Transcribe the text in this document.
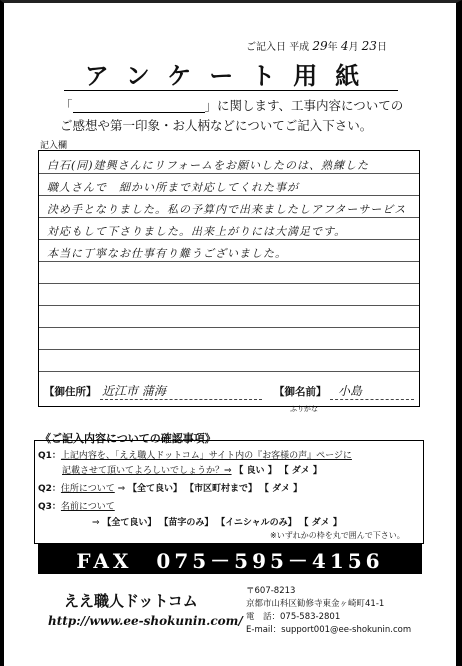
ご記入日 平成 29年 4月 23日
アンケート用紙
「	」に関します、工事内容についての
ご感想や第一印象・お人柄などについてご記入下さい。
記入欄
白石(同)建興さんにリフォームをお願いしたのは、熟練した
職人さんで　細かい所まで対応してくれた事が
決め手となりました。私の予算内で出来ましたしアフターサービス
対応もして下さりました。出来上がりには大満足です。
本当に丁寧なお仕事有り難うございました。
【御住所】 近江市 蒲海	【御名前】 小島
ふりがな
《ご記入内容についての確認事項》
Q1：上記内容を、「ええ職人ドットコム」サイト内の『お客様の声』ページに
記載させて頂いてよろしいでしょうか？⇒ 【 良い 】 【 ダメ 】
Q2：住所について ⇒ 【全て良い】 【市区町村まで】 【 ダメ 】
Q3：名前について
⇒ 【全て良い】 【苗字のみ】 【イニシャルのみ】 【 ダメ 】
※いずれかの枠を丸で囲んで下さい。
FAX　075－595－4156
ええ職人ドットコム
http://www.ee-shokunin.com/
〒607-8213
京都市山科区勧修寺東金ヶ崎町41-1
電　話：075-583-2801
E-mail：support001@ee-shokunin.com
